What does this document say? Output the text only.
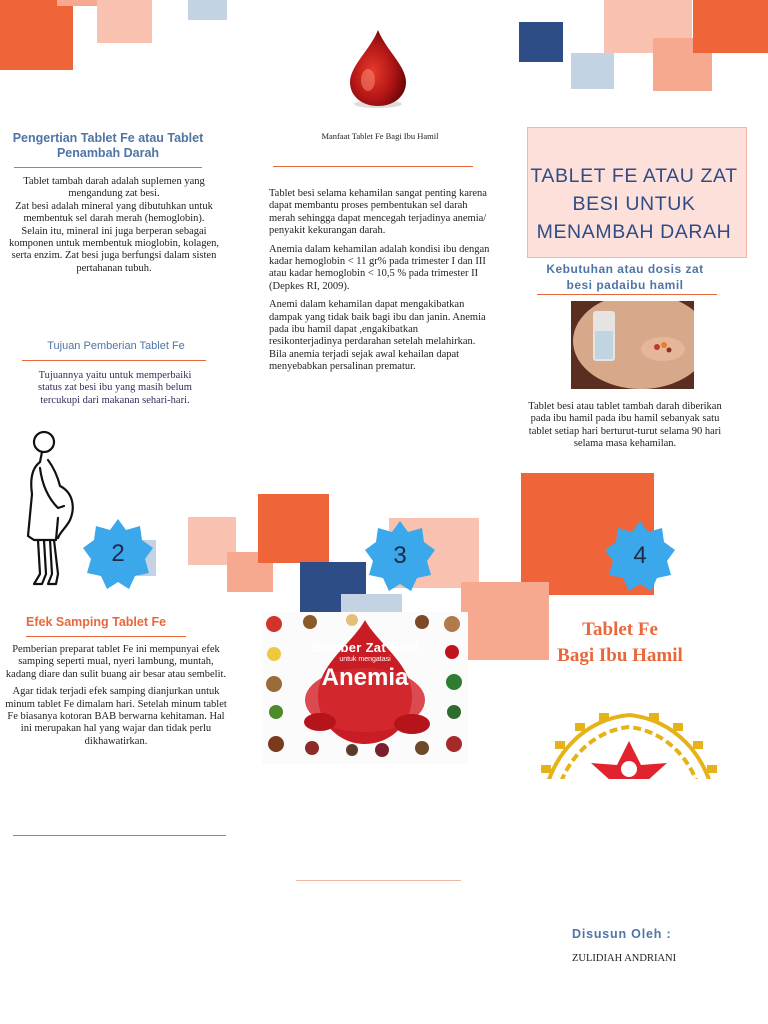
Pengertian Tablet Fe atau Tablet Penambah Darah
Tablet tambah darah adalah suplemen yang mengandung zat besi.
Zat besi adalah mineral yang dibutuhkan untuk membentuk sel darah merah (hemoglobin).
Selain itu, mineral ini juga berperan sebagai komponen untuk membentuk mioglobin, kolagen, serta enzim. Zat besi juga berfungsi dalam sisten pertahanan tubuh.
Tujuan Pemberian Tablet Fe
Tujuannya yaitu untuk memperbaiki status zat besi ibu yang masih belum tercukupi dari makanan sehari-hari.
2
Efek Samping Tablet Fe
Pemberian preparat tablet Fe ini mempunyai efek samping seperti mual, nyeri lambung, muntah, kadang diare dan sulit buang air besar atau sembelit.
Agar tidak terjadi efek samping dianjurkan untuk minum tablet Fe dimalam hari. Setelah minum tablet Fe biasanya kotoran BAB berwarna kehitaman. Hal ini merupakan hal yang wajar dan tidak perlu dikhawatirkan.
Manfaat Tablet Fe Bagi Ibu Hamil
Tablet besi selama kehamilan sangat penting karena dapat membantu proses pembentukan sel darah merah sehingga dapat mencegah terjadinya anemia/ penyakit kekurangan darah.
Anemia dalam kehamilan adalah kondisi ibu dengan kadar hemoglobin < 11 gr% pada trimester I dan III atau kadar hemoglobin < 10,5 % pada trimester II (Depkes RI, 2009).
Anemi dalam kehamilan dapat mengakibatkan dampak yang tidak baik bagi ibu dan janin. Anemia pada ibu hamil dapat ,engakibatkan resikonterjadinya perdarahan setelah melahirkan. Bila anemia terjadi sejak awal kehailan dapat menyebabkan persalinan prematur.
3
Sumber Zat Besi
untuk mengatasi
Anemia
TABLET FE ATAU ZAT BESI UNTUK MENAMBAH DARAH
Kebutuhan atau dosis zat besi padaibu hamil
Tablet besi atau tablet tambah darah diberikan pada ibu hamil pada ibu hamil sebanyak satu tablet setiap hari berturut-turut selama 90 hari selama masa kehamilan.
4
Tablet Fe
Bagi Ibu Hamil
Disusun Oleh :
ZULIDIAH ANDRIANI
